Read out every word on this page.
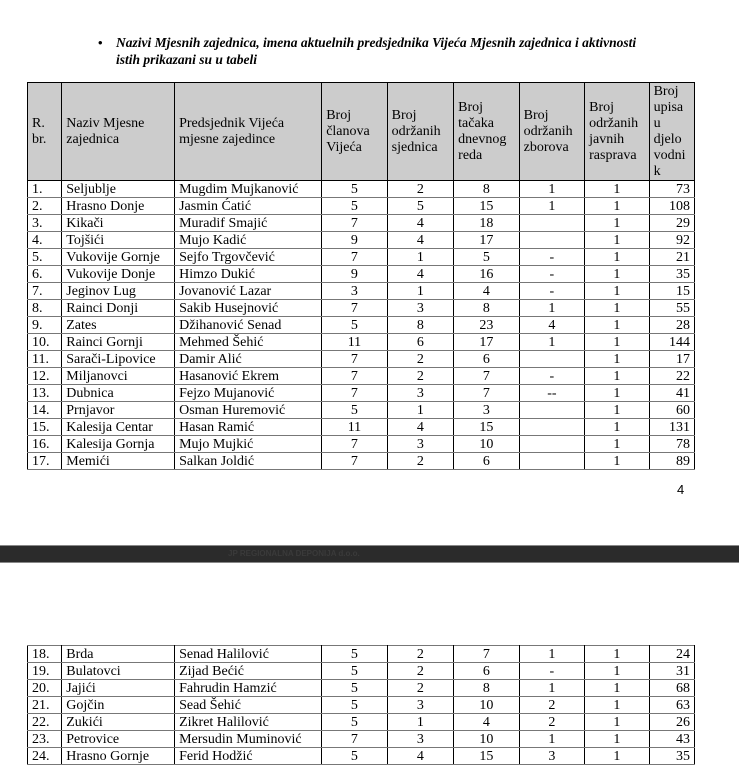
• Nazivi Mjesnih zajednica, imena aktuelnih predsjednika Vijeća Mjesnih zajednica i aktivnosti istih prikazani su u tabeli
R. br.	Naziv Mjesne zajednica	Predsjednik Vijeća mjesne zajedince	Broj članova Vijeća	Broj održanih sjednica	Broj tačaka dnevnog reda	Broj održanih zborova	Broj održanih javnih rasprava	Broj upisa u djelo vodni k
1.	Seljublje	Mugdim Mujkanović	5	2	8	1	1	73
2.	Hrasno Donje	Jasmin Ćatić	5	5	15	1	1	108
3.	Kikači	Muradif Smajić	7	4	18		1	29
4.	Tojšići	Mujo Kadić	9	4	17		1	92
5.	Vukovije Gornje	Sejfo Trgovčević	7	1	5	-	1	21
6.	Vukovije Donje	Himzo Dukić	9	4	16	-	1	35
7.	Jeginov Lug	Jovanović Lazar	3	1	4	-	1	15
8.	Rainci Donji	Sakib Husejnović	7	3	8	1	1	55
9.	Zates	Džihanović Senad	5	8	23	4	1	28
10.	Rainci Gornji	Mehmed Šehić	11	6	17	1	1	144
11.	Sarači-Lipovice	Damir Alić	7	2	6		1	17
12.	Miljanovci	Hasanović Ekrem	7	2	7	-	1	22
13.	Dubnica	Fejzo Mujanović	7	3	7	--	1	41
14.	Prnjavor	Osman Huremović	5	1	3		1	60
15.	Kalesija Centar	Hasan Ramić	11	4	15		1	131
16.	Kalesija Gornja	Mujo Mujkić	7	3	10		1	78
17.	Memići	Salkan Joldić	7	2	6		1	89
4
JP REGIONALNA DEPONIJA d.o.o.
18.	Brda	Senad Halilović	5	2	7	1	1	24
19.	Bulatovci	Zijad Bećić	5	2	6	-	1	31
20.	Jajići	Fahrudin Hamzić	5	2	8	1	1	68
21.	Gojčin	Sead Šehić	5	3	10	2	1	63
22.	Zukići	Zikret Halilović	5	1	4	2	1	26
23.	Petrovice	Mersudin Muminović	7	3	10	1	1	43
24.	Hrasno Gornje	Ferid Hodžić	5	4	15	3	1	35
